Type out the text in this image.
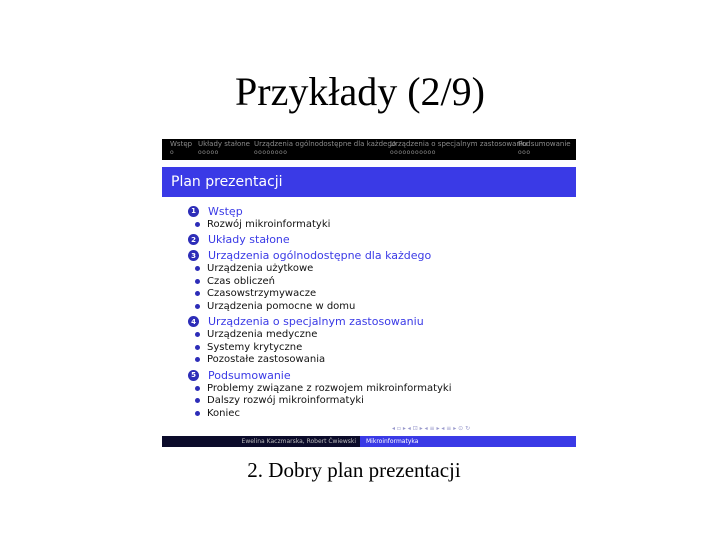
Przykłady (2/9)
Wstęp
o
Układy stałone
ooooo
Urządzenia ogólnodostępne dla każdego
oooooooo
Urządzenia o specjalnym zastosowaniu
ooooooooooo
Podsumowanie
ooo
Plan prezentacji
1 Wstęp
Rozwój mikroinformatyki
2 Układy stałone
3 Urządzenia ogólnodostępne dla każdego
Urządzenia użytkowe
Czas obliczeń
Czasowstrzymywacze
Urządzenia pomocne w domu
4 Urządzenia o specjalnym zastosowaniu
Urządzenia medyczne
Systemy krytyczne
Pozostałe zastosowania
5 Podsumowanie
Problemy związane z rozwojem mikroinformatyki
Dalszy rozwój mikroinformatyki
Koniec
◂ ▫ ▸ ◂ ⊡ ▸ ◂ ≡ ▸ ◂ ≡ ▸ ⊙ ↻
Ewelina Kaczmarska, Robert Ćwiewski	Mikroinformatyka
2. Dobry plan prezentacji
